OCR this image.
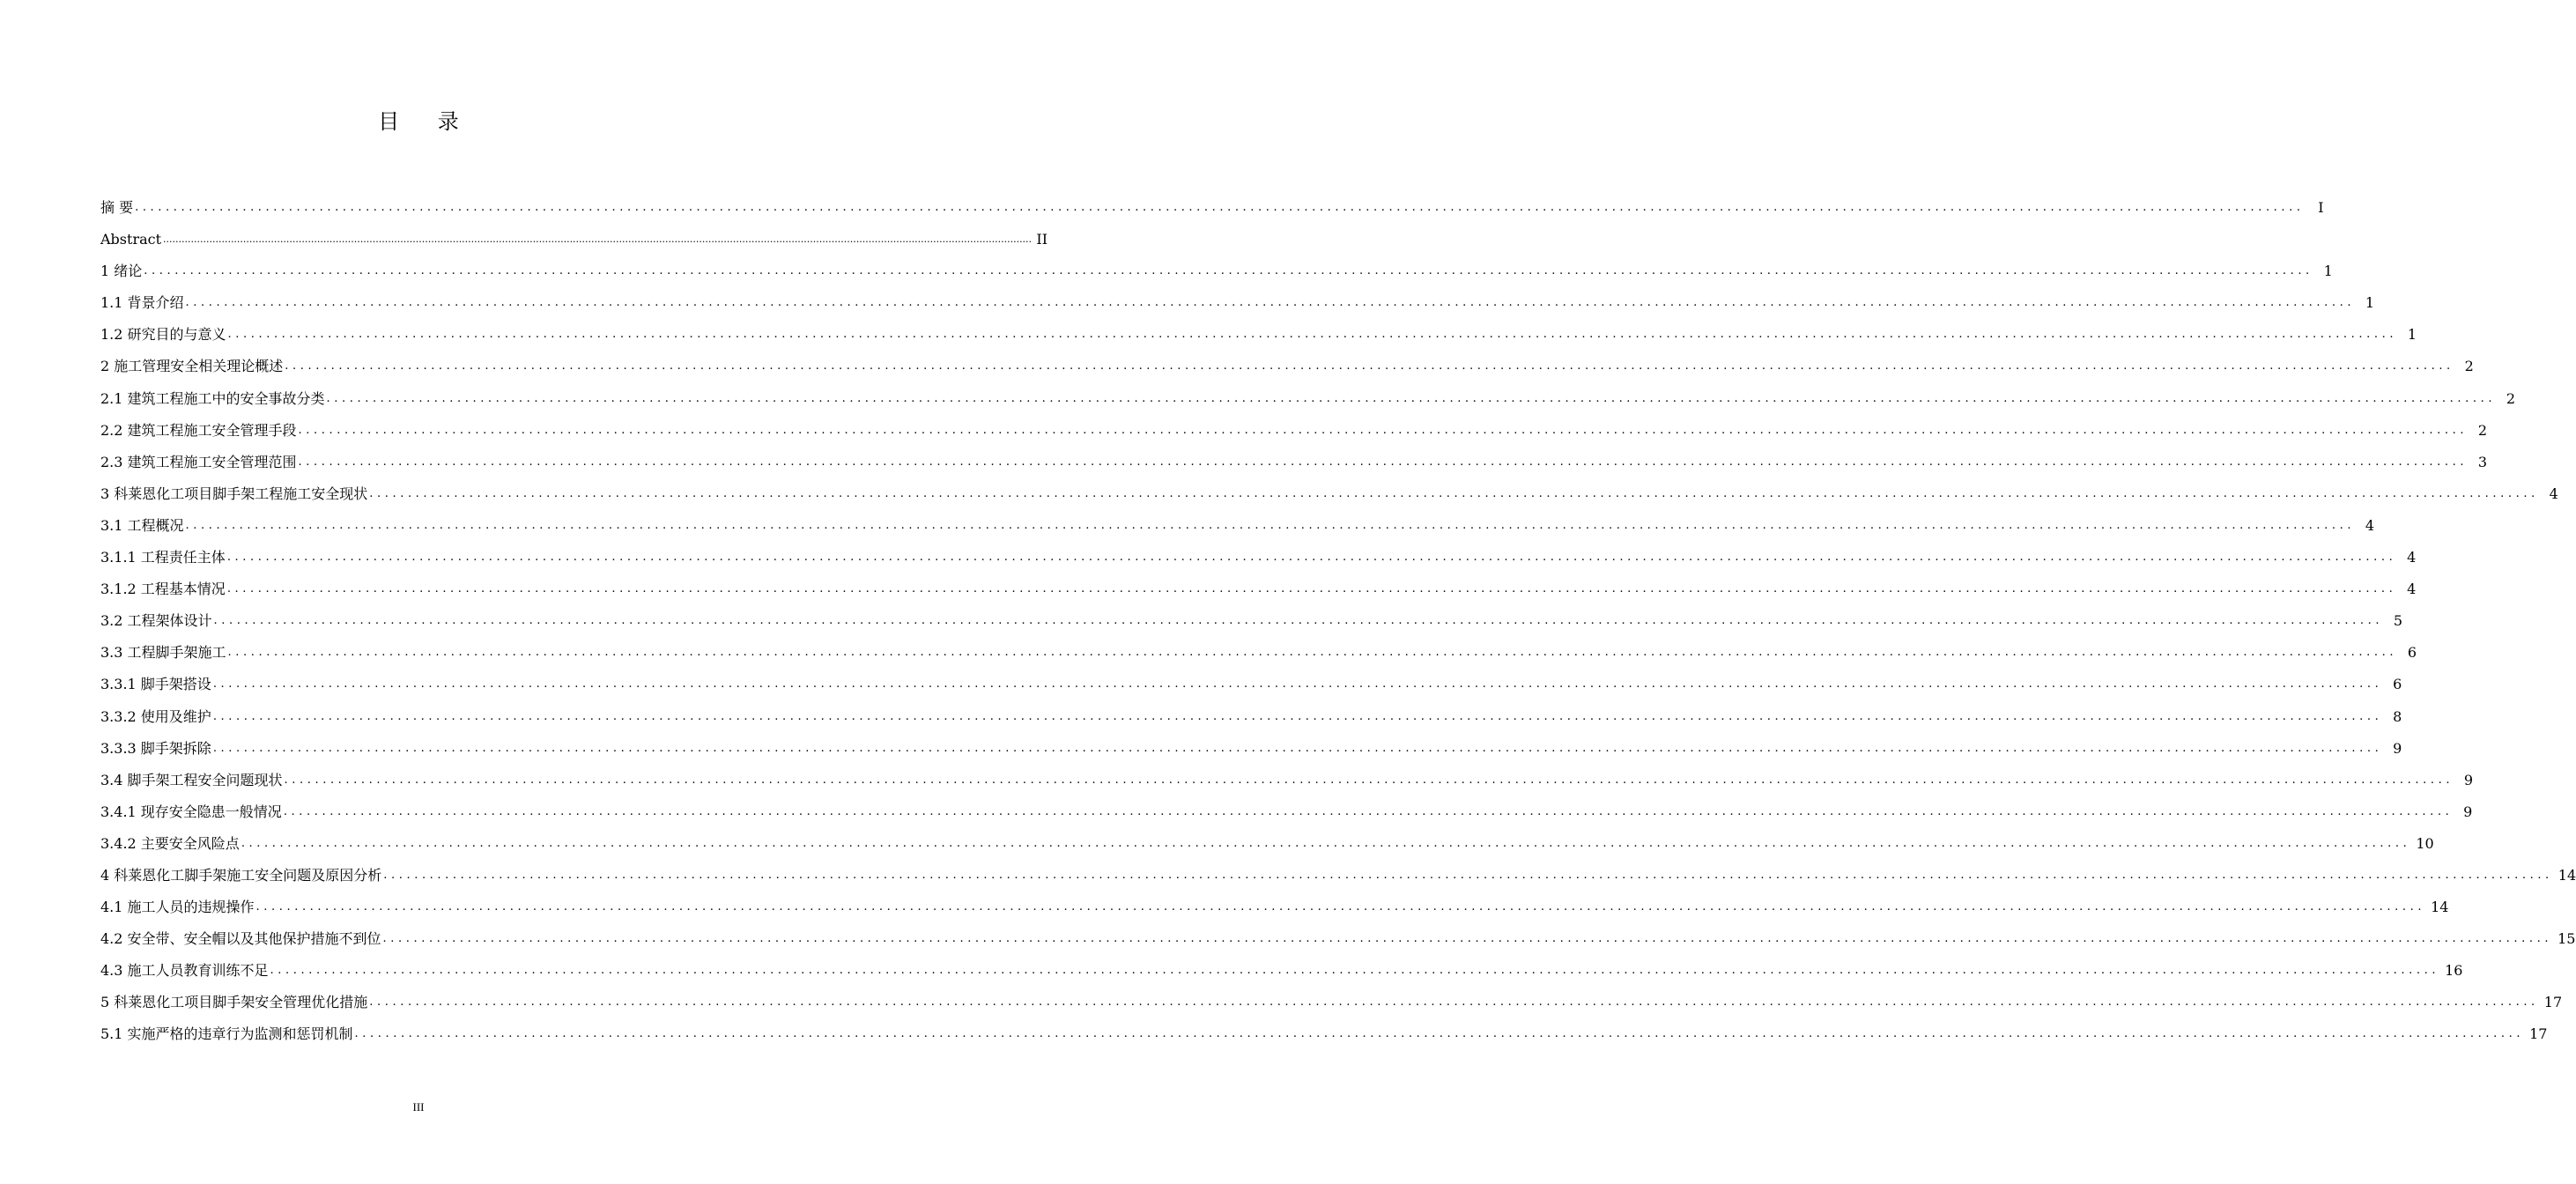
目 录
摘 要 .......................................................................................................................................................................................................................................................................................... I
Abstract .......................................................................................................................................................................................................................................................................................... II
1 绪论 .......................................................................................................................................................................................................................................................................................... 1
1.1 背景介绍 .......................................................................................................................................................................................................................................................................................... 1
1.2 研究目的与意义 .......................................................................................................................................................................................................................................................................................... 1
2 施工管理安全相关理论概述 .......................................................................................................................................................................................................................................................................................... 2
2.1 建筑工程施工中的安全事故分类 .......................................................................................................................................................................................................................................................................................... 2
2.2 建筑工程施工安全管理手段 .......................................................................................................................................................................................................................................................................................... 2
2.3 建筑工程施工安全管理范围 .......................................................................................................................................................................................................................................................................................... 3
3 科莱恩化工项目脚手架工程施工安全现状 .......................................................................................................................................................................................................................................................................................... 4
3.1 工程概况 .......................................................................................................................................................................................................................................................................................... 4
3.1.1 工程责任主体 .......................................................................................................................................................................................................................................................................................... 4
3.1.2 工程基本情况 .......................................................................................................................................................................................................................................................................................... 4
3.2 工程架体设计 .......................................................................................................................................................................................................................................................................................... 5
3.3 工程脚手架施工 .......................................................................................................................................................................................................................................................................................... 6
3.3.1 脚手架搭设 .......................................................................................................................................................................................................................................................................................... 6
3.3.2 使用及维护 .......................................................................................................................................................................................................................................................................................... 8
3.3.3 脚手架拆除 .......................................................................................................................................................................................................................................................................................... 9
3.4 脚手架工程安全问题现状 .......................................................................................................................................................................................................................................................................................... 9
3.4.1 现存安全隐患一般情况 .......................................................................................................................................................................................................................................................................................... 9
3.4.2 主要安全风险点 .......................................................................................................................................................................................................................................................................................... 10
4 科莱恩化工脚手架施工安全问题及原因分析 .......................................................................................................................................................................................................................................................................................... 14
4.1 施工人员的违规操作 .......................................................................................................................................................................................................................................................................................... 14
4.2 安全带、安全帽以及其他保护措施不到位 .......................................................................................................................................................................................................................................................................................... 15
4.3 施工人员教育训练不足 .......................................................................................................................................................................................................................................................................................... 16
5 科莱恩化工项目脚手架安全管理优化措施 .......................................................................................................................................................................................................................................................................................... 17
5.1 实施严格的违章行为监测和惩罚机制 .......................................................................................................................................................................................................................................................................................... 17
III
